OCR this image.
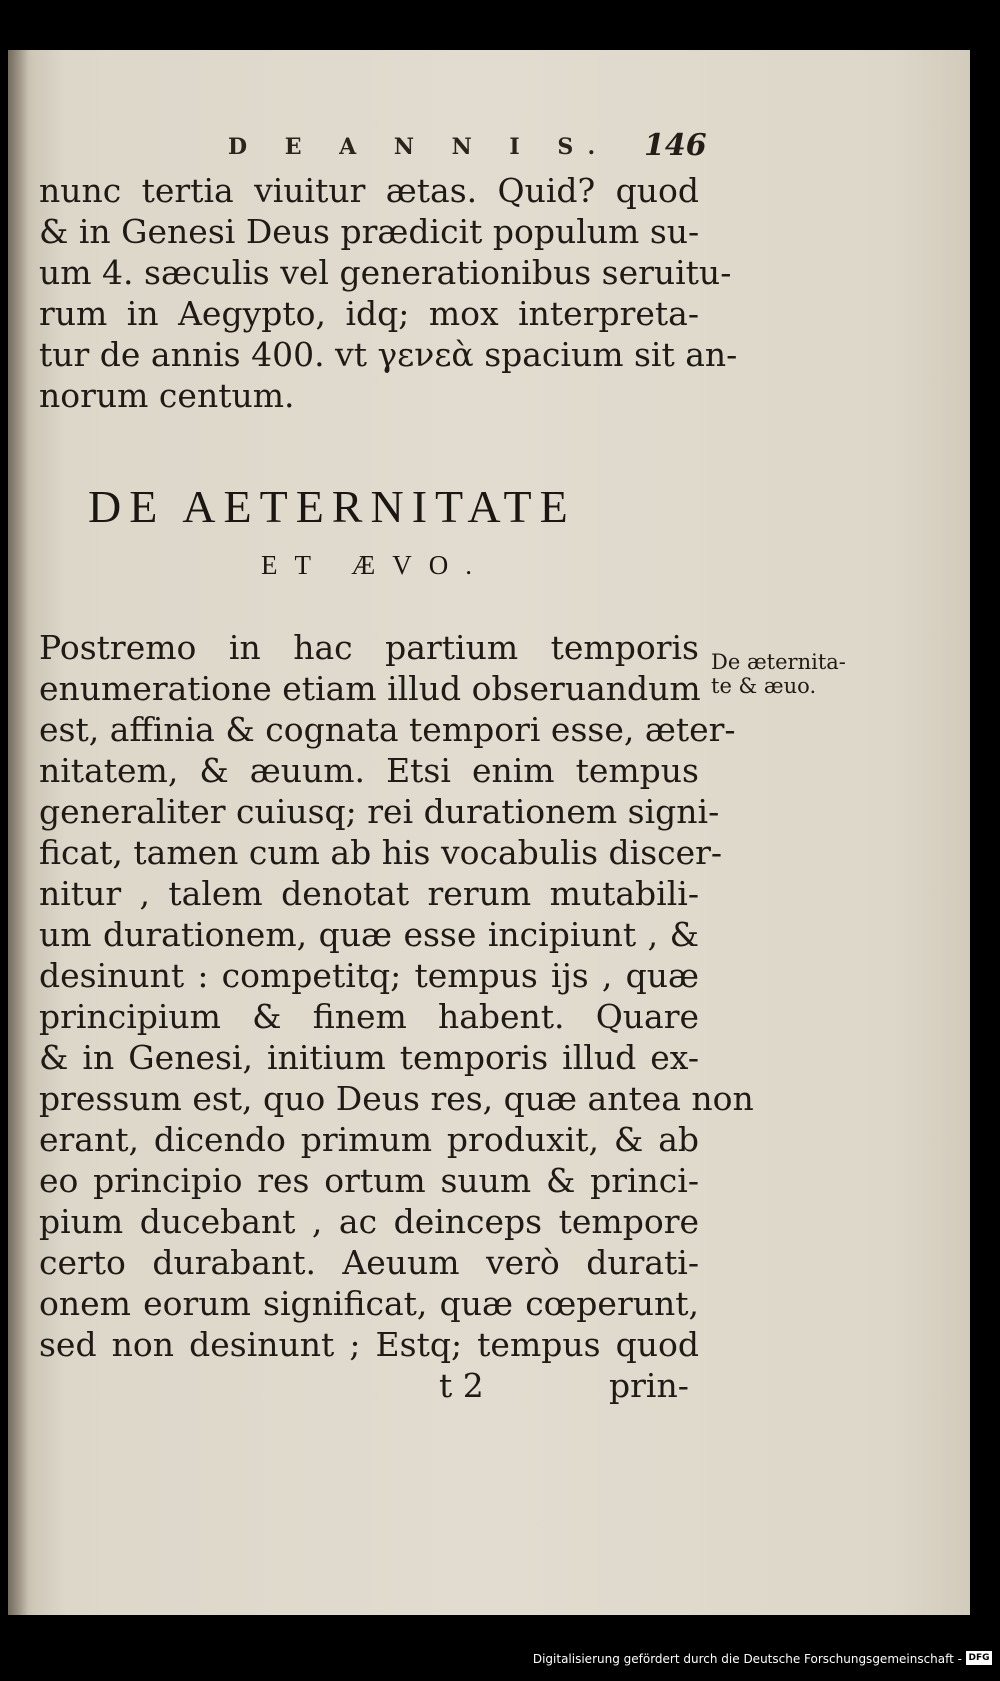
D E A N N I S.	146
nunc tertia viuitur ætas. Quid? quod
& in Genesi Deus prædicit populum su-
um 4. sæculis vel generationibus seruitu-
rum in Aegypto, idq; mox interpreta-
tur de annis 400. vt γενεὰ spacium sit an-
norum centum.
DE AETERNITATE
ET ÆVO.
Postremo in hac partium temporis
enumeratione etiam illud obseruandum
est, affinia & cognata tempori esse, æter-
nitatem, & æuum. Etsi enim tempus
generaliter cuiusq; rei durationem signi-
ficat, tamen cum ab his vocabulis discer-
nitur , talem denotat rerum mutabili-
um durationem, quæ esse incipiunt , &
desinunt : competitq; tempus ijs , quæ
principium & finem habent. Quare
& in Genesi, initium temporis illud ex-
pressum est, quo Deus res, quæ antea non
erant, dicendo primum produxit, & ab
eo principio res ortum suum & princi-
pium ducebant , ac deinceps tempore
certo durabant. Aeuum verò durati-
onem eorum significat, quæ cœperunt,
sed non desinunt ; Estq; tempus quod
t 2	prin-
De æternita-
te & æuo.
Digitalisierung gefördert durch die Deutsche Forschungsgemeinschaft - DFG
